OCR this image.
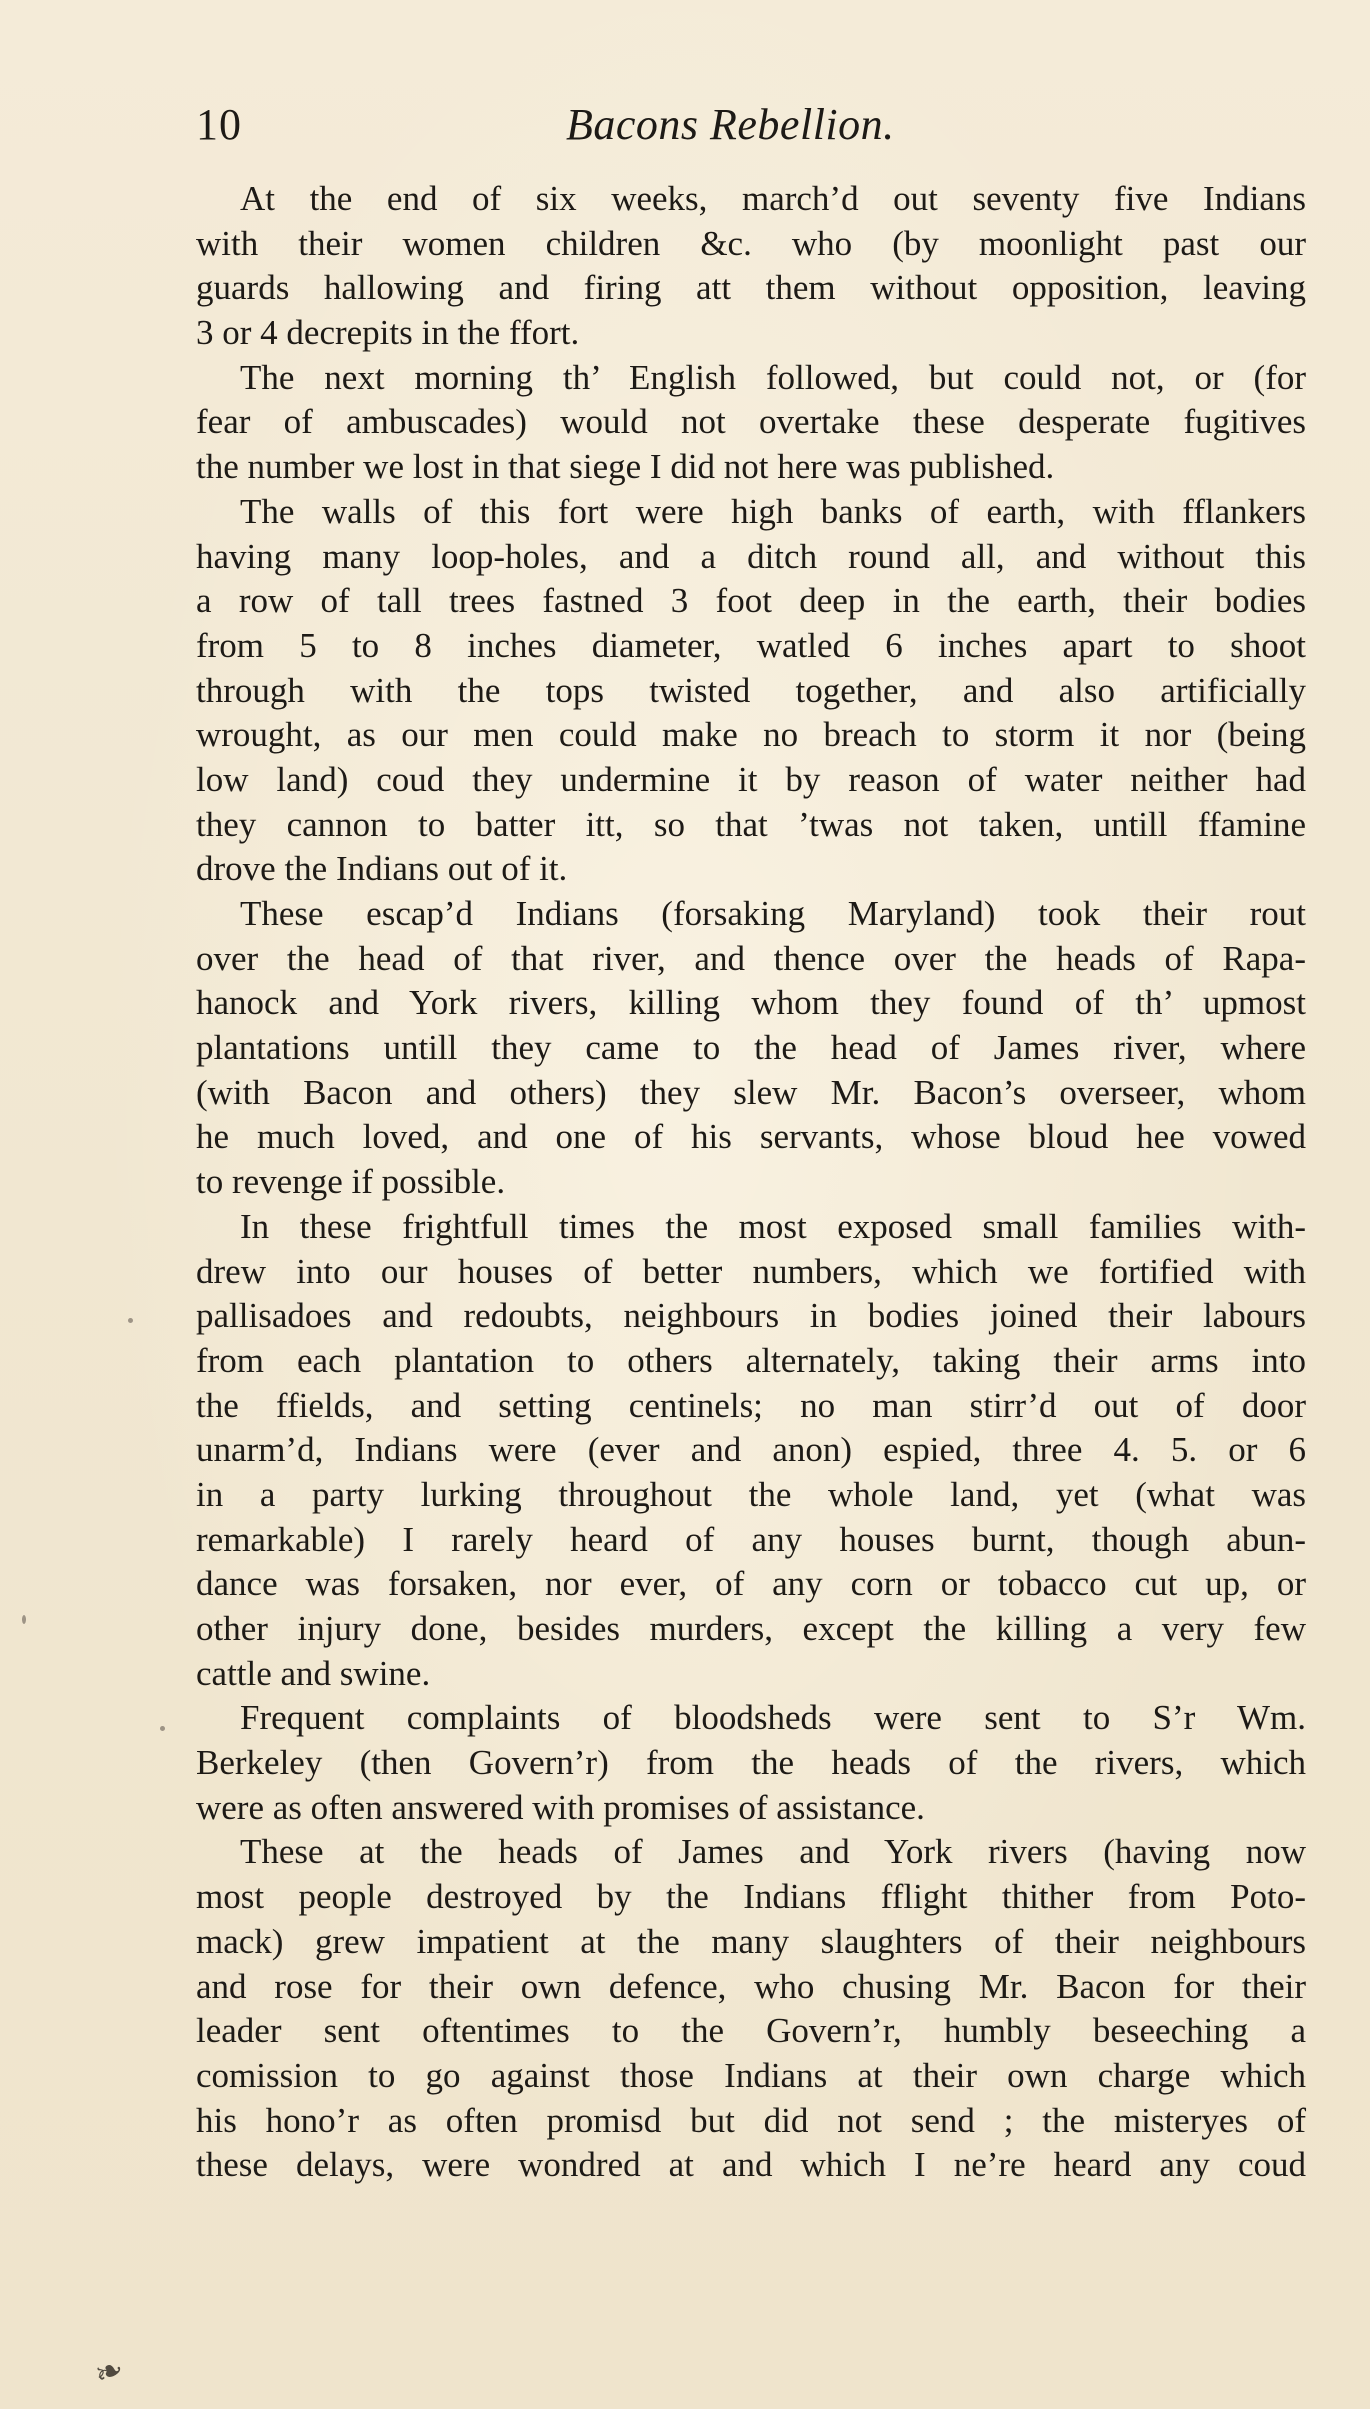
10	Bacons Rebellion.
At the end of six weeks, march’d out seventy five Indians
with their women children &c. who (by moonlight past our
guards hallowing and firing att them without opposition, leaving
3 or 4 decrepits in the ffort.
The next morning th’ English followed, but could not, or (for
fear of ambuscades) would not overtake these desperate fugitives
the number we lost in that siege I did not here was published.
The walls of this fort were high banks of earth, with fflankers
having many loop-holes, and a ditch round all, and without this
a row of tall trees fastned 3 foot deep in the earth, their bodies
from 5 to 8 inches diameter, watled 6 inches apart to shoot
through with the tops twisted together, and also artificially
wrought, as our men could make no breach to storm it nor (being
low land) coud they undermine it by reason of water neither had
they cannon to batter itt, so that ’twas not taken, untill ffamine
drove the Indians out of it.
These escap’d Indians (forsaking Maryland) took their rout
over the head of that river, and thence over the heads of Rapa-
hanock and York rivers, killing whom they found of th’ upmost
plantations untill they came to the head of James river, where
(with Bacon and others) they slew Mr. Bacon’s overseer, whom
he much loved, and one of his servants, whose bloud hee vowed
to revenge if possible.
In these frightfull times the most exposed small families with-
drew into our houses of better numbers, which we fortified with
pallisadoes and redoubts, neighbours in bodies joined their labours
from each plantation to others alternately, taking their arms into
the ffields, and setting centinels; no man stirr’d out of door
unarm’d, Indians were (ever and anon) espied, three 4. 5. or 6
in a party lurking throughout the whole land, yet (what was
remarkable) I rarely heard of any houses burnt, though abun-
dance was forsaken, nor ever, of any corn or tobacco cut up, or
other injury done, besides murders, except the killing a very few
cattle and swine.
Frequent complaints of bloodsheds were sent to S’r Wm.
Berkeley (then Govern’r) from the heads of the rivers, which
were as often answered with promises of assistance.
These at the heads of James and York rivers (having now
most people destroyed by the Indians fflight thither from Poto-
mack) grew impatient at the many slaughters of their neighbours
and rose for their own defence, who chusing Mr. Bacon for their
leader sent oftentimes to the Govern’r, humbly beseeching a
comission to go against those Indians at their own charge which
his hono’r as often promisd but did not send ; the misteryes of
these delays, were wondred at and which I ne’re heard any coud
❧
